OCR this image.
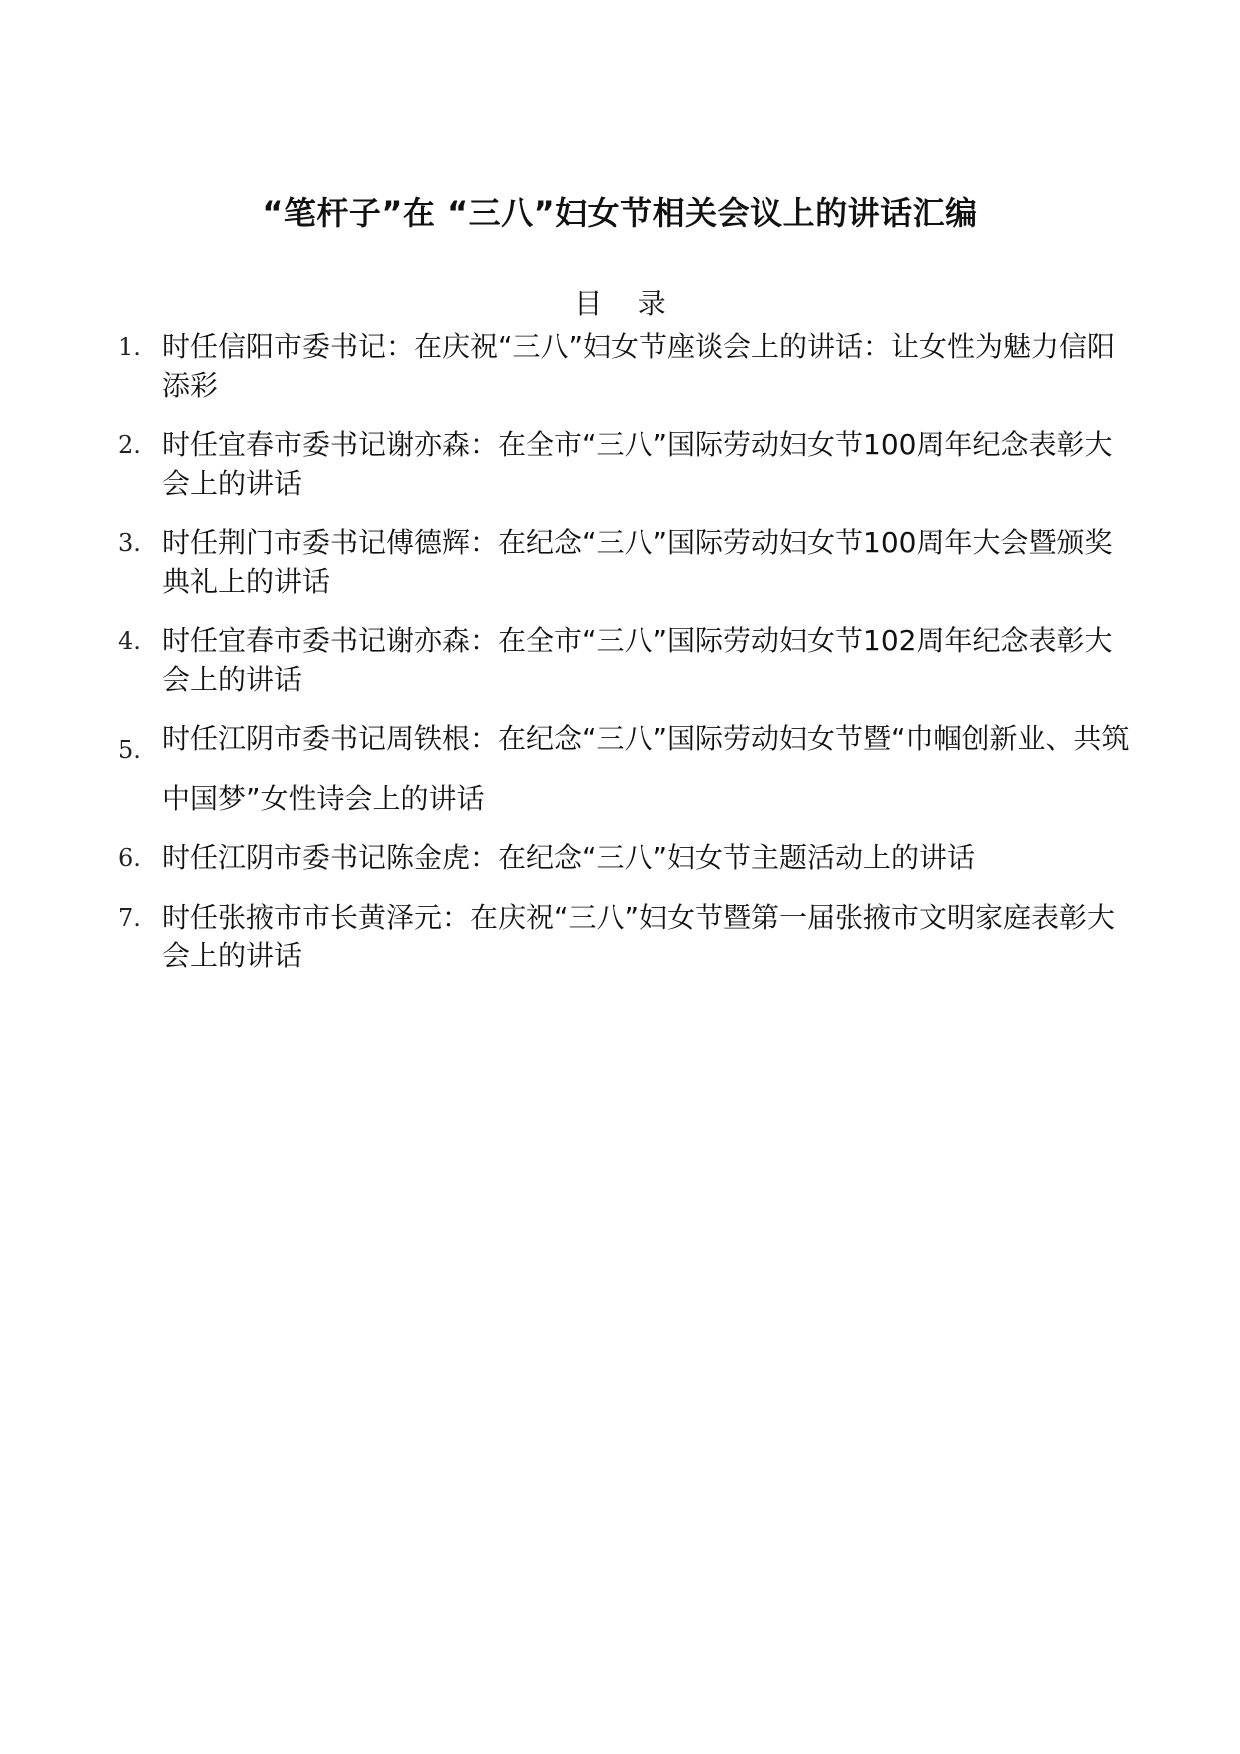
“笔杆子”在 “三八”妇女节相关会议上的讲话汇编
目    录
1. 时任信阳市委书记：在庆祝“三八”妇女节座谈会上的讲话：让女性为魅力信阳添彩
2. 时任宜春市委书记谢亦森：在全市“三八”国际劳动妇女节100周年纪念表彰大会上的讲话
3. 时任荆门市委书记傅德辉：在纪念“三八”国际劳动妇女节100周年大会暨颁奖典礼上的讲话
4. 时任宜春市委书记谢亦森：在全市“三八”国际劳动妇女节102周年纪念表彰大会上的讲话
5. 时任江阴市委书记周铁根：在纪念“三八”国际劳动妇女节暨“巾帼创新业、共筑中国梦”女性诗会上的讲话
6. 时任江阴市委书记陈金虎：在纪念“三八”妇女节主题活动上的讲话
7. 时任张掖市市长黄泽元：在庆祝“三八”妇女节暨第一届张掖市文明家庭表彰大会上的讲话
